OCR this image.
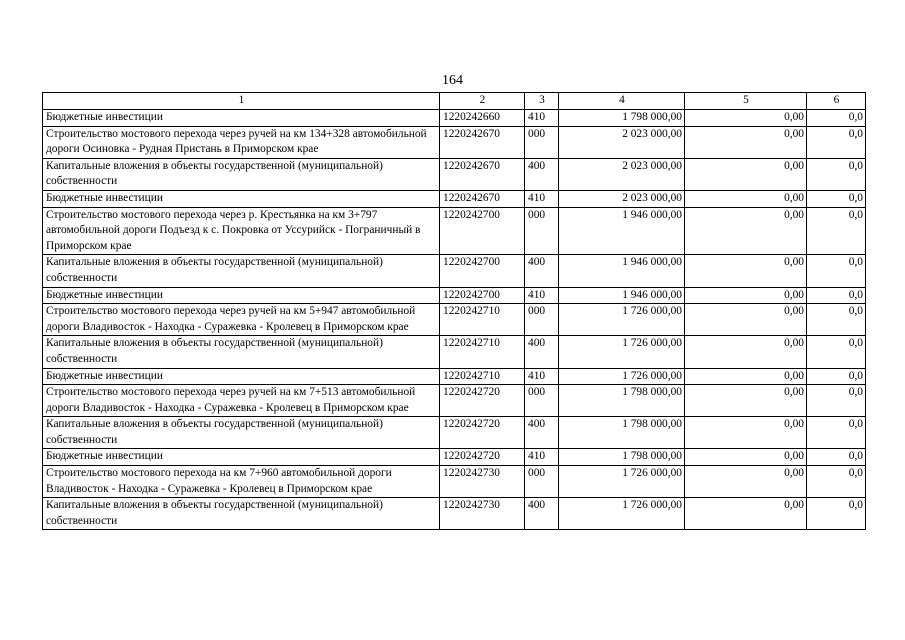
164
1	2	3	4	5	6
Бюджетные инвестиции	1220242660	410	1 798 000,00	0,00	0,0
Строительство мостового перехода через ручей на км 134+328 автомобильной дороги Осиновка - Рудная Пристань в Приморском крае	1220242670	000	2 023 000,00	0,00	0,0
Капитальные вложения в объекты государственной (муниципальной) собственности	1220242670	400	2 023 000,00	0,00	0,0
Бюджетные инвестиции	1220242670	410	2 023 000,00	0,00	0,0
Строительство мостового перехода через р. Крестьянка на км 3+797 автомобильной дороги Подъезд к с. Покровка от Уссурийск - Пограничный в Приморском крае	1220242700	000	1 946 000,00	0,00	0,0
Капитальные вложения в объекты государственной (муниципальной) собственности	1220242700	400	1 946 000,00	0,00	0,0
Бюджетные инвестиции	1220242700	410	1 946 000,00	0,00	0,0
Строительство мостового перехода через ручей на км 5+947 автомобильной дороги Владивосток - Находка - Суражевка - Кролевец в Приморском крае	1220242710	000	1 726 000,00	0,00	0,0
Капитальные вложения в объекты государственной (муниципальной) собственности	1220242710	400	1 726 000,00	0,00	0,0
Бюджетные инвестиции	1220242710	410	1 726 000,00	0,00	0,0
Строительство мостового перехода через ручей на км 7+513 автомобильной дороги Владивосток - Находка - Суражевка - Кролевец в Приморском крае	1220242720	000	1 798 000,00	0,00	0,0
Капитальные вложения в объекты государственной (муниципальной) собственности	1220242720	400	1 798 000,00	0,00	0,0
Бюджетные инвестиции	1220242720	410	1 798 000,00	0,00	0,0
Строительство мостового перехода на км 7+960 автомобильной дороги Владивосток - Находка - Суражевка - Кролевец в Приморском крае	1220242730	000	1 726 000,00	0,00	0,0
Капитальные вложения в объекты государственной (муниципальной) собственности	1220242730	400	1 726 000,00	0,00	0,0
